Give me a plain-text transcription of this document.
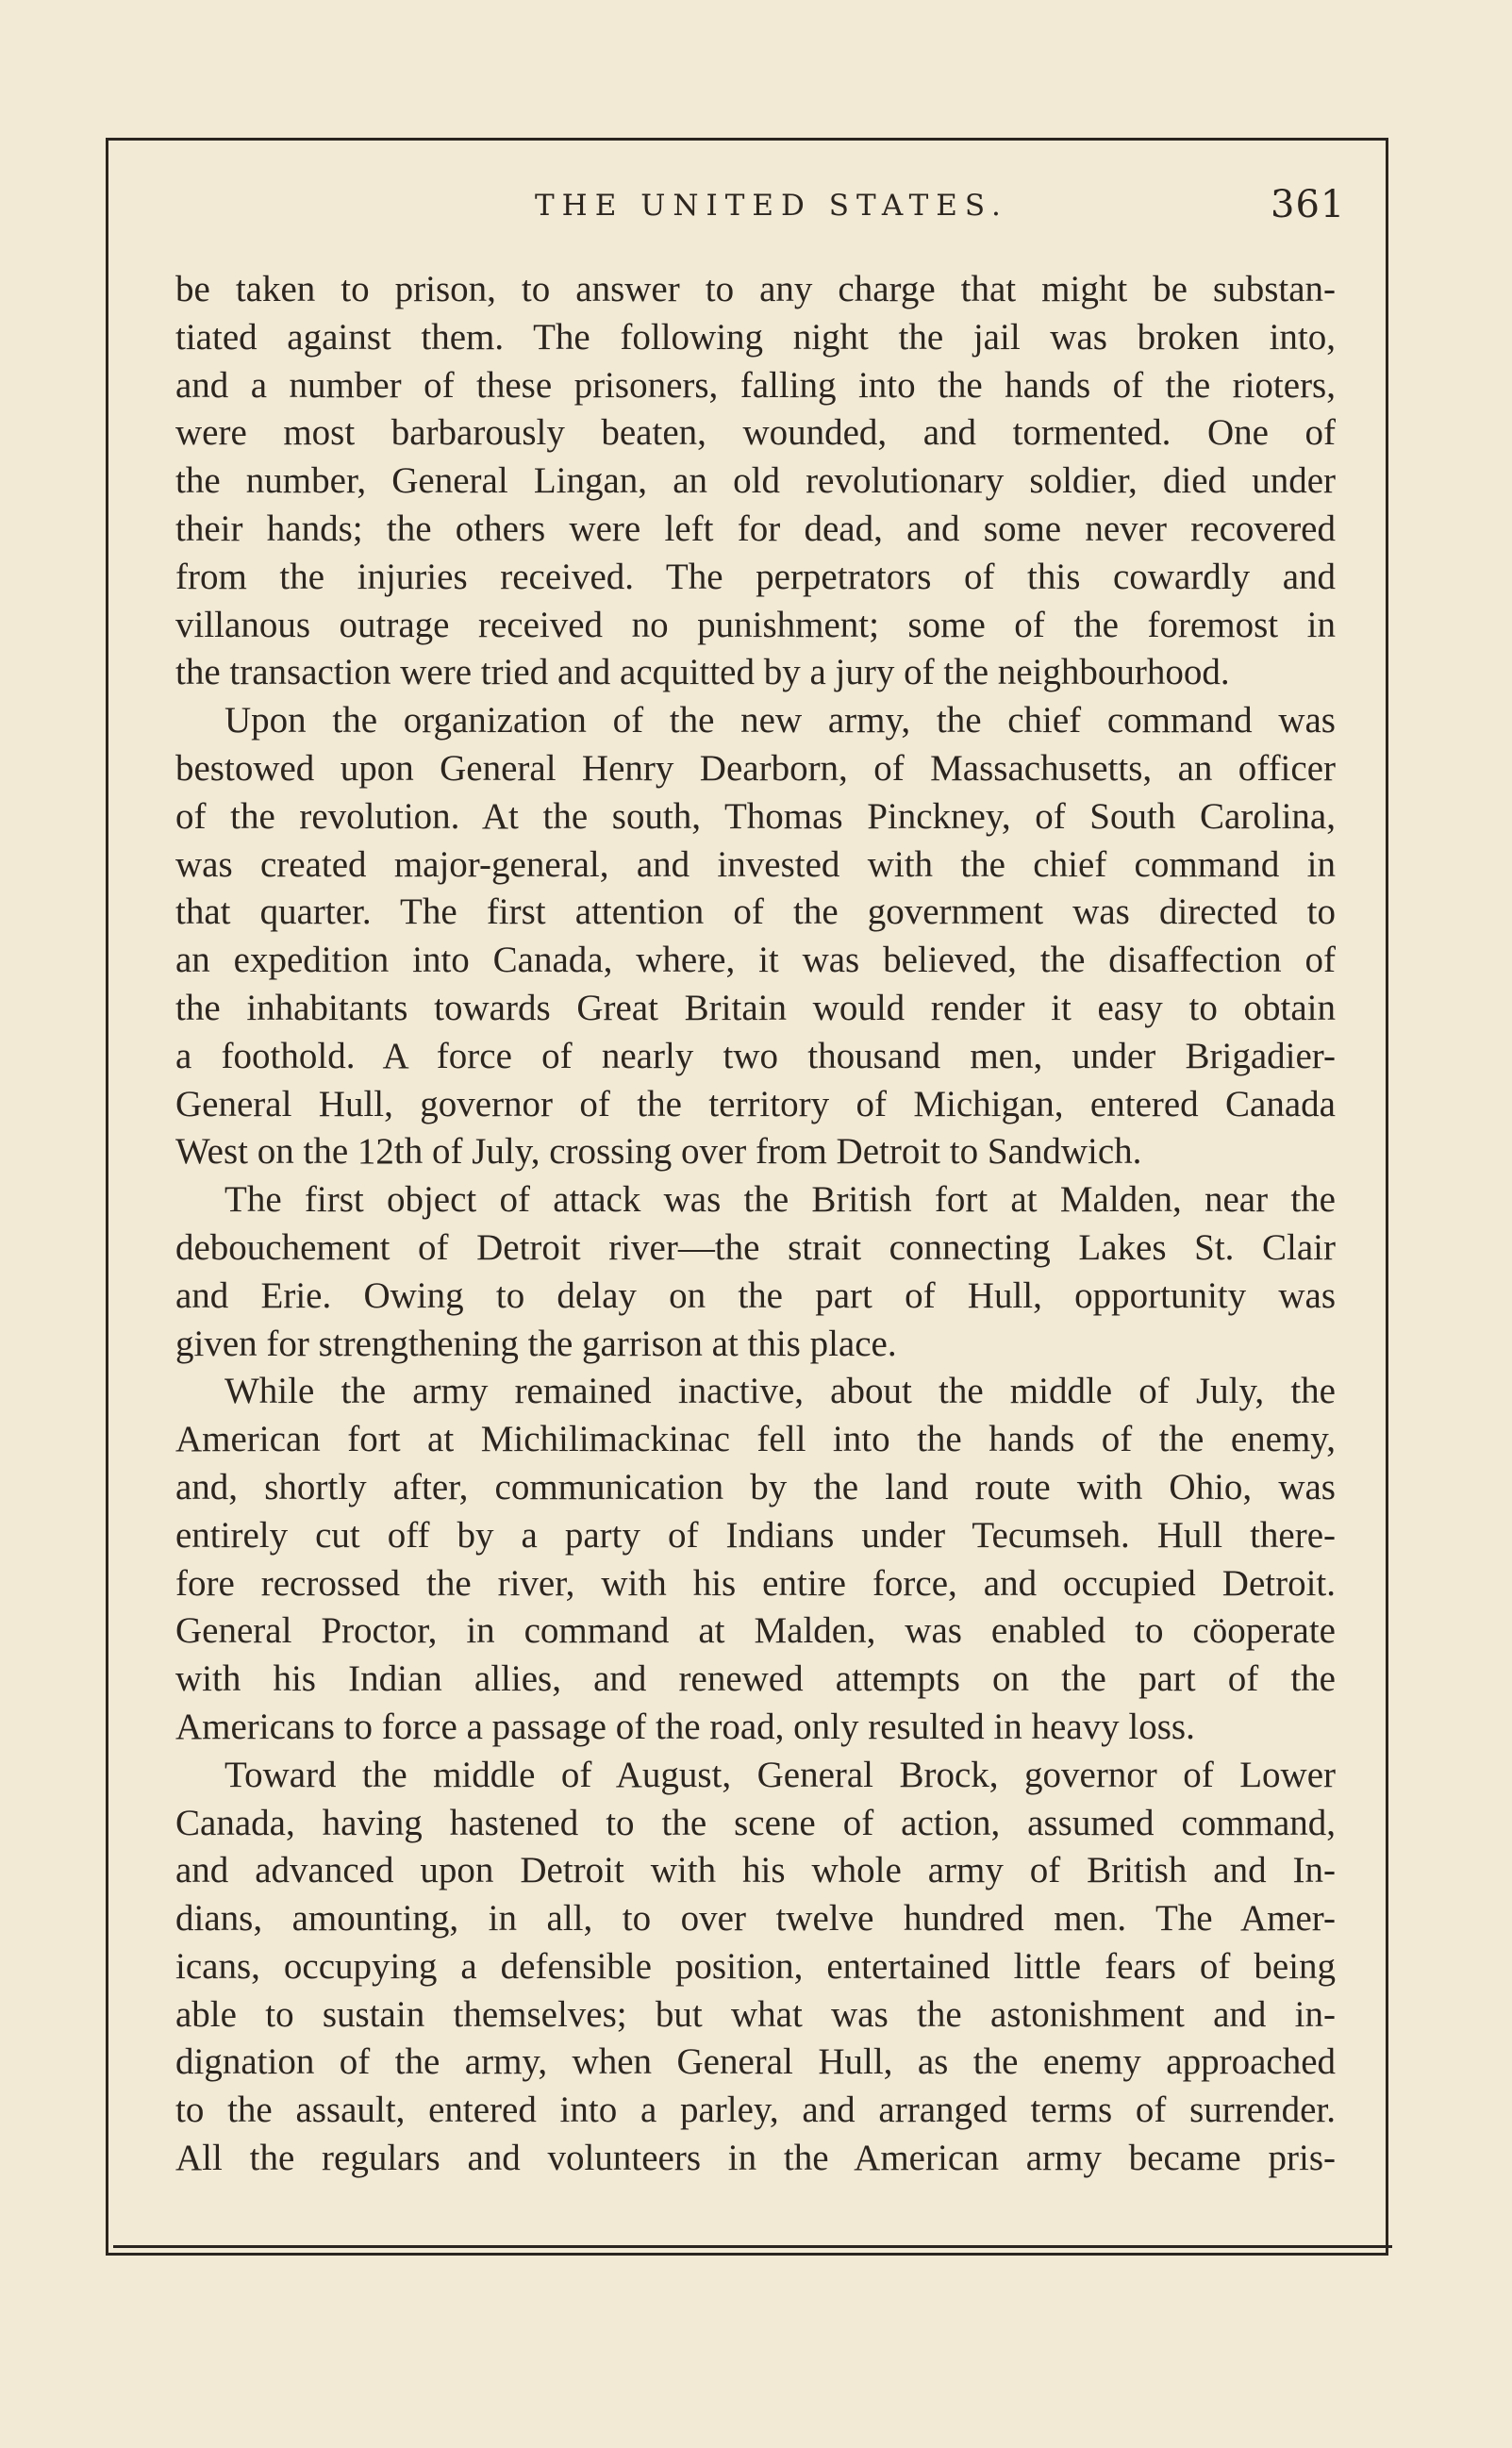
THE UNITED STATES.	361
be taken to prison, to answer to any charge that might be substan-
tiated against them. The following night the jail was broken into,
and a number of these prisoners, falling into the hands of the rioters,
were most barbarously beaten, wounded, and tormented. One of
the number, General Lingan, an old revolutionary soldier, died under
their hands; the others were left for dead, and some never recovered
from the injuries received. The perpetrators of this cowardly and
villanous outrage received no punishment; some of the foremost in
the transaction were tried and acquitted by a jury of the neighbourhood.
Upon the organization of the new army, the chief command was
bestowed upon General Henry Dearborn, of Massachusetts, an officer
of the revolution. At the south, Thomas Pinckney, of South Carolina,
was created major-general, and invested with the chief command in
that quarter. The first attention of the government was directed to
an expedition into Canada, where, it was believed, the disaffection of
the inhabitants towards Great Britain would render it easy to obtain
a foothold. A force of nearly two thousand men, under Brigadier-
General Hull, governor of the territory of Michigan, entered Canada
West on the 12th of July, crossing over from Detroit to Sandwich.
The first object of attack was the British fort at Malden, near the
debouchement of Detroit river—the strait connecting Lakes St. Clair
and Erie. Owing to delay on the part of Hull, opportunity was
given for strengthening the garrison at this place.
While the army remained inactive, about the middle of July, the
American fort at Michilimackinac fell into the hands of the enemy,
and, shortly after, communication by the land route with Ohio, was
entirely cut off by a party of Indians under Tecumseh. Hull there-
fore recrossed the river, with his entire force, and occupied Detroit.
General Proctor, in command at Malden, was enabled to cöoperate
with his Indian allies, and renewed attempts on the part of the
Americans to force a passage of the road, only resulted in heavy loss.
Toward the middle of August, General Brock, governor of Lower
Canada, having hastened to the scene of action, assumed command,
and advanced upon Detroit with his whole army of British and In-
dians, amounting, in all, to over twelve hundred men. The Amer-
icans, occupying a defensible position, entertained little fears of being
able to sustain themselves; but what was the astonishment and in-
dignation of the army, when General Hull, as the enemy approached
to the assault, entered into a parley, and arranged terms of surrender.
All the regulars and volunteers in the American army became pris-
